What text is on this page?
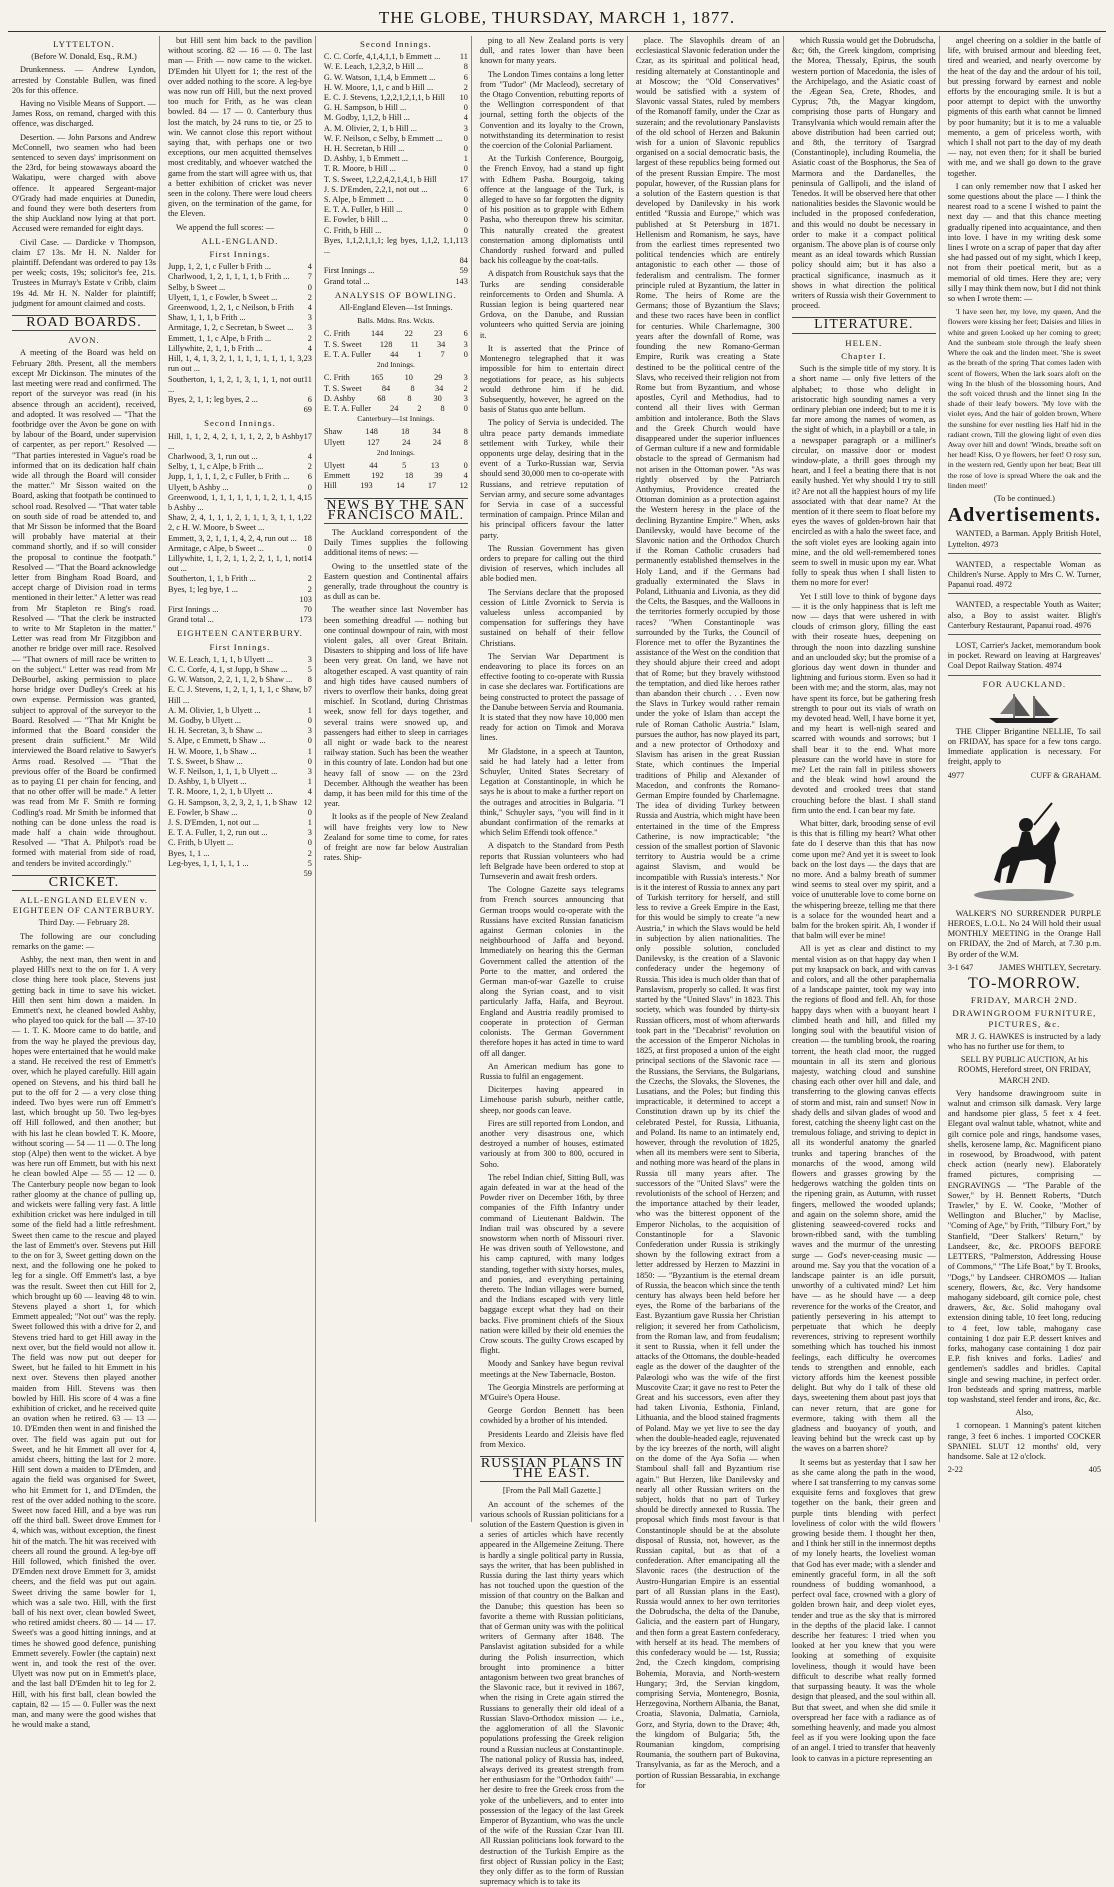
THE GLOBE, THURSDAY, MARCH 1, 1877.
LYTTELTON.

(Before W. Donald, Esq., R.M.)

Drunkenness. — Andrew Lyndon, arrested by Constable Bullen, was fined 20s for this offence.

Having no Visible Means of Support. — James Ross, on remand, charged with this offence, was discharged.

Desertion. — John Parsons and Andrew McConnell, two seamen who had been sentenced to seven days' imprisonment on the 23rd, for being stowaways aboard the Wakatipu, were charged with above offence. It appeared Sergeant-major O'Grady had made enquiries at Dunedin, and found they were both deserters from the ship Auckland now lying at that port. Accused were remanded for eight days.

Civil Case. — Dardicke v Thompson, claim £7 13s. Mr H. N. Nalder for plaintiff. Defendant was ordered to pay 13s per week; costs, 19s; solicitor's fee, 21s. Trustees in Murray's Estate v Cribb, claim 19s 4d. Mr H. N. Nalder for plaintiff; judgment for amount claimed and costs.

ROAD BOARDS.
AVON.

A meeting of the Board was held on February 28th. Present, all the members except Mr Dickinson. The minutes of the last meeting were read and confirmed. The report of the surveyor was read (in his absence through an accident), received, and adopted. It was resolved — "That the footbridge over the Avon be gone on with by labour of the Board, under supervision of carpenter, as per report." Resolved — "That parties interested in Vague's road be informed that on its dedication half chain wide all through the Board will consider the matter." Mr Sisson waited on the Board, asking that footpath be continued to school road. Resolved — "That water table on south side of road be attended to, and that Mr Sisson be informed that the Board will probably have material at their command shortly, and if so will consider the proposal to continue the footpath." Resolved — "That the Board acknowledge letter from Bingham Road Board, and accept charge of Division road in terms mentioned in their letter." A letter was read from Mr Stapleton re Bing's road. Resolved — "That the clerk be instructed to write to Mr Stapleton in the matter." Letter was read from Mr Fitzgibbon and another re bridge over mill race. Resolved — "That owners of mill race be written to on the subject." Letter was read from Mr DeBourbel, asking permission to place horse bridge over Dudley's Creek at his own expense. Permission was granted, subject to approval of the surveyor to the Board. Resolved — "That Mr Knight be informed that the Board consider the present drain sufficient." Mr Wild interviewed the Board relative to Sawyer's Arms road. Resolved — "That the previous offer of the Board be confirmed as to paying £1 per chain for fencing, and that no other offer will be made." A letter was read from Mr F. Smith re forming Codling's road. Mr Smith be informed that nothing can be done unless the road is made half a chain wide throughout. Resolved — "That A. Philpot's road be formed with material from side of road, and tenders be invited accordingly."

CRICKET.
ALL-ENGLAND ELEVEN v. EIGHTEEN OF CANTERBURY.

Third Day. — February 28.

The following are our concluding remarks on the game: —

Ashby, the next man, then went in and played Hill's next to the on for 1. A very close thing here took place, Stevens just getting back in time to save his wicket. Hill then sent him down a maiden. In Emmett's next, he cleaned bowled Ashby, who played too quick for the ball — 37-10 — 1. T. K. Moore came to do battle, and from the way he played the previous day, hopes were entertained that he would make a stand. He received the rest of Emmett's over, which he played carefully. Hill again opened on Stevens, and his third ball he put to the off for 2 — a very close thing indeed. Two byes were run off Emmett's last, which brought up 50. Two leg-byes off Hill followed, and then another; but with his last he clean bowled T. K. Moore, without scoring — 54 — 11 — 0. The long stop (Alpe) then went to the wicket. A bye was here run off Emmett, but with his next he clean bowled Alpe — 55 — 12 — 0. The Canterbury people now began to look rather gloomy at the chance of pulling up, and wickets were falling very fast. A little exhibition cricket was here indulged in till some of the field had a little refreshment. Sweet then came to the rescue and played the last of Emmett's over. Stevens put Hill to the on for 3, Sweet getting down on the next, and the following one he poked to leg for a single. Off Emmett's last, a bye was the result. Sweet then cut Hill for 2, which brought up 60 — leaving 48 to win. Stevens played a short 1, for which Emmett appealed; "Not out" was the reply. Sweet followed this with a drive for 2, and Stevens tried hard to get Hill away in the next over, but the field would not allow it. The field was now put out deeper for Sweet, but he failed to hit Emmett in his next over. Stevens then played another maiden from Hill. Stevens was then bowled by Hill. His score of 4 was a fine exhibition of cricket, and he received quite an ovation when he retired. 63 — 13 — 10. D'Emden then went in and finished the over. The field was again put out for Sweet, and he hit Emmett all over for 4, amidst cheers, hitting the last for 2 more. Hill sent down a maiden to D'Emden, and again the field was organised for Sweet, who hit Emmett for 1, and D'Emden, the rest of the over added nothing to the score. Sweet now faced Hill, and a bye was run off the third ball. Sweet drove Emmett for 4, which was, without exception, the finest hit of the match. The hit was received with cheers all round the ground. A leg-bye off Hill followed, which finished the over. D'Emden next drove Emmett for 3, amidst cheers, and the field was put out again. Sweet driving the same bowler for 1, which was a sale two. Hill, with the first ball of his next over, clean bowled Sweet, who retired amidst cheers. 80 — 14 — 17. Sweet's was a good hitting innings, and at times he showed good defence, punishing Emmett severely. Fowler (the captain) next went in, and took the rest of the over. Ulyett was now put on in Emmett's place, and the last ball D'Emden hit to leg for 2. Hill, with his first ball, clean bowled the captain, 82 — 15 — 0. Fuller was the next man, and many were the good wishes that he would make a stand,

but Hill sent him back to the pavilion without scoring. 82 — 16 — 0. The last man — Frith — now came to the wicket. D'Emden hit Ulyett for 1; the rest of the over added nothing to the score. A leg-bye was now run off Hill, but the next proved too much for Frith, as he was clean bowled. 84 — 17 — 0. Canterbury thus lost the match, by 24 runs to tie, or 25 to win. We cannot close this report without saying that, with perhaps one or two exceptions, our men acquitted themselves most creditably, and whoever watched the game from the start will agree with us, that a better exhibition of cricket was never seen in the colony. There were loud cheers given, on the termination of the game, for the Eleven.

We append the full scores: —

ALL-ENGLAND.
First Innings.
Jupp, 1, 2, 1, c Fuller b Frith ...	4
Charlwood, 1, 2, 1, 1, 1, 1, b Frith ... 7
Selby, b Sweet ...	0
Ulyett, 1, 1, c Fowler, b Sweet ...	2
Greenwood, 1, 2, 1, c Neilson, b Frith 4
Shaw, 1, 1, 1, b Frith ...	3
Armitage, 1, 2, c Secretan, b Sweet ... 3
Emmett, 1, 1, c Alpe, b Frith ...	2
Lillywhite, 2, 1, 1, b Frith ...	4
Hill, 1, 4, 1, 3, 2, 1, 1, 1, 1, 1, 1, 1, 1, 3, run out ...
23
Southerton, 1, 1, 2, 1, 3, 1, 1, 1, not out ...
11
Byes, 2, 1, 1; leg byes, 2 ...	6
69
Second Innings.
Hill, 1, 1, 2, 4, 2, 1, 1, 1, 2, 2, b Ashby ...
17
Charlwood, 3, 1, run out ...	4
Selby, 1, 1, c Alpe, b Frith ...	2
Jupp, 1, 1, 1, 1, 2, c Fuller, b Frith ... 6
Ulyett, b Ashby ...	0
Greenwood, 1, 1, 1, 1, 1, 1, 1, 2, 1, 1, 4, b Ashby ...
15
Shaw, 2, 4, 1, 1, 1, 2, 1, 1, 1, 3, 1, 1, 1, 2, c H. W. Moore, b Sweet ...
22
Emmett, 3, 2, 1, 1, 1, 4, 2, 4, run out ... 18
Armitage, c Alpe, b Sweet ...	0
Lillywhite, 1, 1, 2, 1, 1, 2, 2, 1, 1, 1, not out ...
14
Southerton, 1, 1, b Frith ...	2
Byes, 1; leg bye, 1 ...	2
103
First Innings ...	70
Grand total ...	173
EIGHTEEN CANTERBURY.
First Innings.
W. E. Leach, 1, 1, 1, b Ulyett ...	3
C. C. Corfe, 4, 1, st Jupp, b Shaw ... 5
G. W. Watson, 2, 2, 1, 1, 2, b Shaw ... 8
E. C. J. Stevens, 1, 2, 1, 1, 1, 1, c Shaw, b Hill ...
7
A. M. Olivier, 1, b Ulyett ...	1
M. Godby, b Ulyett ...	0
H. H. Secretan, 3, b Shaw ...	3
S. Alpe, c Emmett, b Shaw ...	0
H. W. Moore, 1, b Shaw ...	1
T. S. Sweet, b Shaw ...	0
W. F. Neilson, 1, 1, 1, b Ulyett ...	3
D. Ashby, 1, b Ulyett ...	1
T. R. Moore, 1, 2, 1, b Ulyett ...	4
G. H. Sampson, 3, 2, 3, 2, 1, 1, b Shaw 12
E. Fowler, b Shaw ...	0
J. S. D'Emden, 1, not out ...	1
E. T. A. Fuller, 1, 2, run out ...	3
C. Frith, b Ulyett ...	0
Byes, 1, 1 ...	2
Leg-byes, 1, 1, 1, 1, 1 ...	5
59
Second Innings.
C. C. Corfe, 4,1,4,1,1, b Emmett ... 11
W. E. Leach, 1,2,3,2, b Hill ...	8
G. W. Watson, 1,1,4, b Emmett ...	6
H. W. Moore, 1,1, c and b Hill ...	2
E. C. J. Stevens, 1,2,2,1,2,1,1, b Hill 10
G. H. Sampson, b Hill ...	0
M. Godby, 1,1,2, b Hill ...	4
A. M. Olivier, 2, 1, b Hill ...	3
W. F. Neilson, c Selby, b Emmett ...	0
H. H. Secretan, b Hill ...	0
D. Ashby, 1, b Emmett ...	1
T. R. Moore, b Hill ...	0
T. S. Sweet, 1,2,2,4,2,1,4,1, b Hill	17
J. S. D'Emden, 2,2,1, not out ...	6
S. Alpe, b Emmett ...	0
E. T. A. Fuller, b Hill ...	0
E. Fowler, b Hill ...	0
C. Frith, b Hill ...	0
Byes, 1,1,2,1,1,1; leg byes, 1,1,2, 1,1,1 ...
13
84
First Innings ...	59
Grand total ...	143
ANALYSIS OF BOWLING.

All-England Eleven—1st Innings.

Balls. Mdns. Rns. Wckts.

C. Frith	144	22	23	6
T. S. Sweet 128 11 34 3
E. T. A. Fuller 44 1 7 0

2nd Innings.

C. Frith	165	10	29	3
T. S. Sweet 84 8 34 2
D. Ashby	68	8	30	3
E. T. A. Fuller 24 2 8 0

Canterbury—1st Innings.

Shaw	148	18	34	8
Ulyett	127	24	24	8

2nd Innings.

Ulyett	44	5	13	0
Emmett	192	18	39	4
Hill	193	14	17	12
NEWS BY THE SAN FRANCISCO MAIL.

The Auckland correspondent of the Daily Times supplies the following additional items of news: —

Owing to the unsettled state of the Eastern question and Continental affairs generally, trade throughout the country is as dull as can be.

The weather since last November has been something dreadful — nothing but one continual downpour of rain, with most violent gales, all over Great Britain. Disasters to shipping and loss of life have been very great. On land, we have not altogether escaped. A vast quantity of rain and high tides have caused numbers of rivers to overflow their banks, doing great mischief. In Scotland, during Christmas week, snow fell for days together, and several trains were snowed up, and passengers had either to sleep in carriages all night or wade back to the nearest railway station. Such has been the weather in this country of late. London had but one heavy fall of snow — on the 23rd December. Although the weather has been damp, it has been mild for this time of the year.

It looks as if the people of New Zealand will have freights very low to New Zealand for some time to come, for rates of freight are now far below Australian rates. Ship-

ping to all New Zealand ports is very dull, and rates lower than have been known for many years.

The London Times contains a long letter from "Tudor" (Mr Macleod), secretary of the Otago Convention, rebutting reports of the Wellington correspondent of that journal, setting forth the objects of the Convention and its loyalty to the Crown, notwithstanding its determination to resist the coercion of the Colonial Parliament.

At the Turkish Conference, Bourgoig, the French Envoy, had a stand up fight with Edhem Pasha. Bourgoig, taking offence at the language of the Turk, is alleged to have so far forgotten the dignity of his position as to grapple with Edhem Pasha, who thereupon threw his scimitar. This naturally created the greatest consternation among diplomatists until Chandordy rushed forward and pulled back his colleague by the coat-tails.

A dispatch from Roustchuk says that the Turks are sending considerable reinforcements to Orden and Shumla. A Russian legion is being quartered near Grdova, on the Danube, and Russian volunteers who quitted Servia are joining it.

It is asserted that the Prince of Montenegro telegraphed that it was impossible for him to entertain direct negotiations for peace, as his subjects would dethrone him if he did. Subsequently, however, he agreed on the basis of Status quo ante bellum.

The policy of Servia is undecided. The ultra peace party demands immediate settlement with Turkey, while their opponents urge delay, desiring that in the event of a Turko-Russian war, Servia should send 30,000 men to co-operate with Russians, and retrieve reputation of Servian army, and secure some advantages for Servia in case of a successful termination of campaign. Prince Milan and his principal officers favour the latter party.

The Russian Government has given orders to prepare for calling out the third division of reserves, which includes all able bodied men.

The Servians declare that the proposed cession of Little Zvornick to Servia is valueless unless accompanied by compensation for sufferings they have sustained on behalf of their fellow Christians.

The Servian War Department is endeavoring to place its forces on an effective footing to co-operate with Russia in case she declares war. Fortifications are being constructed to protect the passage of the Danube between Servia and Roumania. It is stated that they now have 10,000 men ready for action on Timok and Morava lines.

Mr Gladstone, in a speech at Taunton, said he had lately had a letter from Schuyler, United States Secretary of Legation at Constantinople, in which he says he is about to make a further report on the outrages and atrocities in Bulgaria. "I think," Schuyler says, "you will find in it abundant confirmation of the remarks at which Selim Effendi took offence."

A dispatch to the Standard from Pesth reports that Russian volunteers who had left Belgrade have been ordered to stop at Turnseverin and await fresh orders.

The Cologne Gazette says telegrams from French sources announcing that German troops would co-operate with the Russians have excited Russian fanaticism against German colonies in the neighbourhood of Jaffa and beyond. Immediately on hearing this the German Government called the attention of the Porte to the matter, and ordered the German man-of-war Gazelle to cruise along the Syrian coast, and to visit particularly Jaffa, Haifa, and Beyrout. England and Austria readily promised to cooperate in protection of German colonists. The German Government therefore hopes it has acted in time to ward off all danger.

An American medium has gone to Russia to fulfil an engagement.

Diciterpes having appeared in Limehouse parish suburb, neither cattle, sheep, nor goods can leave.

Fires are still reported from London, and another very disastrous one, which destroyed a number of houses, estimated variously at from 300 to 800, occured in Soho.

The rebel Indian chief, Sitting Bull, was again defeated in war at the head of the Powder river on December 16th, by three companies of the Fifth Infantry under command of Lieutenant Baldwin. The Indian trail was obscured by a severe snowstorm when north of Missouri river. He was driven south of Yellowstone, and his camp captured, with many lodges standing, together with sixty horses, mules, and ponies, and everything pertaining thereto. The Indian villages were burned, and the Indians escaped with very little baggage except what they had on their backs. Five prominent chiefs of the Sioux nation were killed by their old enemies the Crow scouts. The guilty Crows escaped by flight.

Moody and Sankey have begun revival meetings at the New Tabernacle, Boston.

The Georgia Minstrels are performing at M'Guire's Opera House.

George Gordon Bennett has been cowhided by a brother of his intended.

Presidents Leardo and Zleisis have fled from Mexico.

RUSSIAN PLANS IN THE EAST.

[From the Pall Mall Gazette.]

An account of the schemes of the various schools of Russian politicians for a solution of the Eastern Question is given in a series of articles which have recently appeared in the Allgemeine Zeitung. There is hardly a single political party in Russia, says the writer, that has been published in Russia during the last thirty years which has not touched upon the question of the mission of that country on the Balkan and the Danube; this question has been so favorite a theme with Russian politicians, that of German unity was with the political writers of Germany after 1848. The Panslavist agitation subsided for a while during the Polish insurrection, which brought into prominence a bitter antagonism between two great branches of the Slavonic race, but it revived in 1867, when the rising in Crete again stirred the Russians to generally their old ideal of a Russian Slavo-Orthodox mission — i.e., the agglomeration of all the Slavonic populations professing the Greek religion round a Russian nucleus at Constantinople. The national policy of Russia has, indeed, always derived its greatest strength from her enthusiasm for the "Orthodox faith" — her desire to free the Greek cross from the yoke of the unbelievers, and to enter into possession of the legacy of the last Greek Emperor of Byzantium, who was the uncle of the wife of the Russian Czar Ivan III. All Russian politicians look forward to the destruction of the Turkish Empire as the first object of Russian policy in the East; they only differ as to the form of Russian supremacy which is to take its

place. The Slavophils dream of an ecclesiastical Slavonic federation under the Czar, as its spiritual and political head, residing alternately at Constantinople and at Moscow; the "Old Conservatives" would be satisfied with a system of Slavonic vassal States, ruled by members of the Romanoff family, under the Czar as suzerain; and the revolutionary Panslavists of the old school of Herzen and Bakunin wish for a union of Slavonic republics organised on a social democratic basis, the largest of these republics being formed out of the present Russian Empire. The most popular, however, of the Russian plans for a solution of the Eastern question is that developed by Danilevsky in his work entitled "Russia and Europe," which was published at St Petersburg in 1871. Hellenism and Romanism, he says, have from the earliest times represented two political tendencies which are entirely antagonistic to each other — those of federalism and centralism. The former principle ruled at Byzantium, the latter in Rome. The heirs of Rome are the Germans; those of Byzantium the Slavs; and these two races have been in conflict for centuries. While Charlemagne, 300 years after the downfall of Rome, was founding the new Romano-German Empire, Rurik was creating a State destined to be the political centre of the Slavs, who received their religion not from Rome but from Byzantium, and whose apostles, Cyril and Methodius, had to contend all their lives with German ambition and intolerance. Both the Slavs and the Greek Church would have disappeared under the superior influences of German culture if a new and formidable obstacle to the spread of Germanism had not arisen in the Ottoman power. "As was rightly observed by the Patriarch Anthymius, Providence created the Ottoman dominion as a protection against the Western heresy in the place of the declining Byzantine Empire." When, asks Danilevsky, would have become of the Slavonic nation and the Orthodox Church if the Roman Catholic crusaders had permanently established themselves in the Holy Land, and if the Germans had gradually exterminated the Slavs in Poland, Lithuania and Livonia, as they did the Celts, the Basques, and the Walloons in the territories formerly occupied by those races? "When Constantinople was surrounded by the Turks, the Council of Florence met to offer the Byzantines the assistance of the West on the condition that they should abjure their creed and adopt that of Rome; but they bravely withstood the temptation, and died like heroes rather than abandon their church . . . Even now the Slavs in Turkey would rather remain under the yoke of Islam than accept the rule of Roman Catholic Austria." Islam, pursues the author, has now played its part, and a new protector of Orthodoxy and Slavism has arisen in the great Russian State, which continues the Imperial traditions of Philip and Alexander of Macedon, and confronts the Romano-German Empire founded by Charlemagne. The idea of dividing Turkey between Russia and Austria, which might have been entertained in the time of the Empress Catherine, is now impracticable; "the cession of the smallest portion of Slavonic territory to Austria would be a crime against Slavism, and would be incompatible with Russia's interests." Nor is it the interest of Russia to annex any part of Turkish territory for herself, and still less to revive a Greek Empire in the East, for this would be simply to create "a new Austria," in which the Slavs would be held in subjection by alien nationalities. The only possible solution, concluded Danilevsky, is the creation of a Slavonic confederacy under the hegemony of Russia. This idea is much older than that of Panslavism, properly so called. It was first started by the "United Slavs" in 1823. This society, which was founded by thirty-six Russian officers, most of whom afterwards took part in the "Decabrist" revolution on the accession of the Emperor Nicholas in 1825, at first proposed a union of the eight principal sections of the Slavonic race — the Russians, the Servians, the Bulgarians, the Czechs, the Slovaks, the Slovenes, the Lusatians, and the Poles; but finding this impracticable, it determined to accept a Constitution drawn up by its chief the celebrated Pestel, for Russia, Lithuania, and Poland. Its name to an intimately end, however, through the revolution of 1825, when all its members were sent to Siberia, and nothing more was heard of the plans in Russia till many years after. The successors of the "United Slavs" were the revolutionists of the school of Herzen; and the importance attached by their leader, who was the bitterest opponent of the Emperor Nicholas, to the acquisition of Constantinople for a Slavonic Confederation under Russia is strikingly shown by the following extract from a letter addressed by Herzen to Mazzini in 1850: — "Byzantium is the eternal dream of Russia, the beacon which since the tenth century has always been held before her eyes, the Rome of the barbarians of the East. Byzantium gave Russia her Christian religion; it severed her from Catholicism, from the Roman law, and from feudalism; it sent to Russia, when it fell under the attacks of the Ottomans, the double-headed eagle as the dower of the daughter of the Palæologi who was the wife of the first Muscovite Czar; it gave no rest to Peter the Great and his successors, even after they had taken Livonia, Esthonia, Finland, Lithuania, and the blood stained fragments of Poland. May we yet live to see the day when the double-headed eagle, rejuvenated by the icy breezes of the north, will alight on the dome of the Aya Sofia — when Stamboul shall fall and Byzantium rise again." But Herzen, like Danilevsky and nearly all other Russian writers on the subject, holds that no part of Turkey should be directly annexed to Russia. The proposal which finds most favour is that Constantinople should be at the absolute disposal of Russia, not, however, as the Russian capital, but as that of a confederation. After emancipating all the Slavonic races (the destruction of the Austro-Hungarian Empire is an essential part of all Russian plans in the East), Russia would annex to her own territories the Dobrudscha, the delta of the Danube, Galicia, and the eastern part of Hungary, and then form a great Eastern confederacy, with herself at its head. The members of this confederacy would be — 1st, Russia; 2nd, the Czech kingdom, comprising Bohemia, Moravia, and North-western Hungary; 3rd, the Servian kingdom, comprising Servia, Montenegro, Bosnia, Herzegovina, Northern Albania, the Banat, Croatia, Slavonia, Dalmatia, Carniola, Gorz, and Styria, down to the Drave; 4th, the kingdom of Bulgaria; 5th, the Roumanian kingdom, comprising Roumania, the southern part of Bukovina, Transylvania, as far as the Meroch, and a portion of Russian Bessarabia, in exchange for

which Russia would get the Dobrudscha, &c; 6th, the Greek kingdom, comprising the Morea, Thessaly, Epirus, the south western portion of Macedonia, the isles of the Archipelago, and the Asiatic coast of the Ægean Sea, Crete, Rhodes, and Cyprus; 7th, the Magyar kingdom, comprising those parts of Hungary and Transylvania which would remain after the above distribution had been carried out; and 8th, the territory of Tsargrad (Constantinople), including Roumelia, the Asiatic coast of the Bosphorus, the Sea of Marmora and the Dardanelles, the peninsula of Gallipoli, and the island of Tenedos. It will be observed here that other nationalities besides the Slavonic would be included in the proposed confederation, and this would no doubt be necessary in order to make it a compact political organism. The above plan is of course only meant as an ideal towards which Russian policy should aim; but it has also a practical significance, inasmuch as it shows in what direction the political writers of Russia wish their Government to proceed.

LITERATURE.
HELEN.
Chapter I.

Such is the simple title of my story. It is a short name — only five letters of the alphabet; to those who delight in aristocratic high sounding names a very ordinary plebian one indeed; but to me it is far more among the names of women, as the sight of which, in a playbill or a tale, in a newspaper paragraph or a milliner's circular, on massive door or modest window-plate, a thrill goes through my heart, and I feel a beating there that is not easily hushed. Yet why should I try to still it? Are not all the happiest hours of my life associated with that dear name? At the mention of it there seem to float before my eyes the waves of golden-brown hair that encircled as with a halo the sweet face, and the soft violet eyes are looking again into mine, and the old well-remembered tones seem to swell in music upon my ear. What folly to speak thus when I shall listen to them no more for ever!

Yet I still love to think of bygone days — it is the only happiness that is left me now — days that were ushered in with clouds of crimson glory, filling the east with their roseate hues, deepening on through the noon into dazzling sunshine and an unclouded sky; but the promise of a glorious day went down in thunder and lightning and furious storm. Even so had it been with me; and the storm, alas, may not have spent its force, but be gathering fresh strength to pour out its vials of wrath on my devoted head. Well, I have borne it yet, and my heart is well-nigh seared and scarred with wounds and sorrows; but I shall bear it to the end. What more pleasure can the world have in store for me? Let the rain fall in pitiless showers and the bleak wind howl around the devoted and crooked trees that stand crouching before the blast. I shall stand firm unto the end. I can bear my fate.

What bitter, dark, brooding sense of evil is this that is filling my heart? What other fate do I deserve than this that has now come upon me? And yet it is sweet to look back on the lost days — the days that are no more. And a balmy breath of summer wind seems to steal over my spirit, and a voice of unutterable love to come borne on the whispering breeze, telling me that there is a solace for the wounded heart and a balm for the broken spirit. Ah, I wonder if that balm will ever be mine!

All is yet as clear and distinct to my mental vision as on that happy day when I put my knapsack on back, and with canvas and colors, and all the other paraphernalia of a landscape painter, took my way into the regions of flood and fell. Ah, for those happy days when with a buoyant heart I climbed heath and hill, and filled my longing soul with the beautiful vision of creation — the tumbling brook, the roaring torrent, the heath clad moor, the rugged mountain in all its stern and glorious majesty, watching cloud and sunshine chasing each other over hill and dale, and transferring to the glowing canvas effects of storm and mist, rain and sunset! Now in shady dells and silvan glades of wood and forest, catching the sheeny light cast on the tremulous foliage, and striving to depict in all its wonderful anatomy the gnarled trunks and tapering branches of the monarchs of the wood, among wild flowers and grasses growing by the hedgerows watching the golden tints on the ripening grain, as Autumn, with russet fingers, mellowed the wooded uplands; and again on the solemn shore, amid the glistening seaweed-covered rocks and brown-ribbed sand, with the tumbling waves and the murmur of the unresting surge — God's never-ceasing music — around me. Say you that the vocation of a landscape painter is an idle pursuit, unworthy of a cultivated mind? Let him have — as he should have — a deep reverence for the works of the Creator, and patiently persevering in his attempt to perpetuate that which he deeply reverences, striving to represent worthily something which has touched his inmost feelings, each difficulty he overcomes tends to strengthen and ennoble, each victory affords him the keenest possible delight. But why do I talk of these old days, sweetening them about past joys that can never return, that are gone for evermore, taking with them all the gladness and buoyancy of youth, and leaving behind but the wreck cast up by the waves on a barren shore?

It seems but as yesterday that I saw her as she came along the path in the wood, where I sat transferring to my canvas some exquisite ferns and foxgloves that grew together on the bank, their green and purple tints blending with perfect loveliness of color with the wild flowers growing beside them. I thought her then, and I think her still in the innermost depths of my lonely hearts, the loveliest woman that God has ever made; with a slender and eminently graceful form, in all the soft roundness of budding womanhood, a perfect oval face, crowned with a glory of golden brown hair, and deep violet eyes, tender and true as the sky that is mirrored in the depths of the placid lake. I cannot describe her features: I tried when you looked at her you knew that you were looking at something of exquisite loveliness, though it would have been difficult to describe what really formed that surpassing beauty. It was the whole design that pleased, and the soul within all. But that sweet, and when she did smile it overspread her face with a radiance as of something heavenly, and made you almost feel as if you were looking upon the face of an angel. I tried to transfer that heavenly look to canvas in a picture representing an

angel cheering on a soldier in the battle of life, with bruised armour and bleeding feet, tired and wearied, and nearly overcome by the heat of the day and the ardour of his toil, but pressing forward by earnest and noble efforts by the encouraging smile. It is but a poor attempt to depict with the unworthy pigments of this earth what cannot be limned by poor humanity; but it is to me a valuable memento, a gem of priceless worth, with which I shall not part to the day of my death — nay, not even then; for it shall be buried with me, and we shall go down to the grave together.

I can only remember now that I asked her some questions about the place — I think the nearest road to a scene I wished to paint the next day — and that this chance meeting gradually ripened into acquaintance, and then into love. I have in my writing desk some lines I wrote on a scrap of paper that day after she had passed out of my sight, which I keep, not from their poetical merit, but as a memorial of old times. Here they are; very silly I may think them now, but I did not think so when I wrote them: —

'I have seen her, my love, my queen, And the flowers were kissing her feet; Daisies and lilies in white and green Looked up her coming to greet; And the sunbeam stole through the leafy sheen Where the oak and the linden meet. 'She is sweet as the breath of the spring That comes laden with scent of flowers, When the lark soars aloft on the wing In the blush of the blossoming hours, And the soft voiced thrush and the linnet sing In the shade of their leafy bowers. 'My love with the violet eyes, And the hair of golden brown, Where the sunshine for ever nestling lies Half hid in the radiant crown, Till the glowing light of even dies Away over hill and down! 'Winds, breathe soft on her head! Kiss, O ye flowers, her feet! O rosy sun, in the western red, Gently upon her beat; Beat till the rose of love is spread Where the oak and the linden meet!'

(To be continued.)

Advertisements.

WANTED, a Barman. Apply British Hotel, Lyttelton. 4973

WANTED, a respectable Woman as Children's Nurse. Apply to Mrs C. W. Turner, Papanui road. 4972

WANTED, a respectable Youth as Waiter; also, a Boy to assist waiter. Bligh's Canterbury Restaurant, Papanui road. 4976

LOST, Carrier's Jacket, memorandum book in pocket. Reward on leaving at Hargreaves' Coal Depot Railway Station. 4974

FOR AUCKLAND.

THE Clipper Brigantine NELLIE, To sail on FRIDAY, has space for a few tons cargo. Immediate application is necessary. For freight, apply to

4977	CUFF & GRAHAM.

WALKER'S NO SURRENDER PURPLE HEROES, L.O.L. No 24 Will hold their usual MONTHLY MEETING in the Orange Hall on FRIDAY, the 2nd of March, at 7.30 p.m. By order of the W.M.

3-1 647	JAMES WHITLEY, Secretary.
TO-MORROW.
FRIDAY, MARCH 2ND.
DRAWINGROOM FURNITURE, PICTURES, &c.

MR J. G. HAWKES is instructed by a lady who has no further use for them, to

SELL BY PUBLIC AUCTION, At his ROOMS, Hereford street, ON FRIDAY, MARCH 2ND.

Very handsome drawingroom suite in walnut and crimson silk damask. Very large and handsome pier glass, 5 feet x 4 feet. Elegant oval walnut table, whatnot, white and gilt cornice pole and rings, handsome vases, shells, kerosene lamp, &c. Magnificent piano in rosewood, by Broadwood, with patent check action (nearly new). Elaborately framed pictures, comprising — ENGRAVINGS — "The Parable of the Sower," by H. Bennett Roberts, "Dutch Trawler," by E. W. Cooke, "Mother of Wellington and Blucher," by Maclise, "Coming of Age," by Frith, "Tilbury Fort," by Stanfield, "Deer Stalkers' Return," by Landseer, &c, &c. PROOFS BEFORE LETTERS, "Palmerston, Addressing House of Commons," "The Life Boat," by T. Brooks, "Dogs," by Landseer. CHROMOS — Italian scenery, flowers, &c, &c. Very handsome mahogany sideboard, gilt cornice pole, chest drawers, &c, &c. Solid mahogany oval extension dining table, 10 feet long, reducing to 4 feet, low table, mahogany case containing 1 doz pair E.P. dessert knives and forks, mahogany case containing 1 doz pair E.P. fish knives and forks. Ladies' and gentlemen's saddles and bridles. Capital single and sewing machine, in perfect order. Iron bedsteads and spring mattress, marble top washstand, steel fender and irons, &c, &c.

Also,

1 cornopean. 1 Manning's patent kitchen range, 3 feet 6 inches. 1 imported COCKER SPANIEL SLUT 12 months' old, very handsome. Sale at 12 o'clock.

2-22	405
